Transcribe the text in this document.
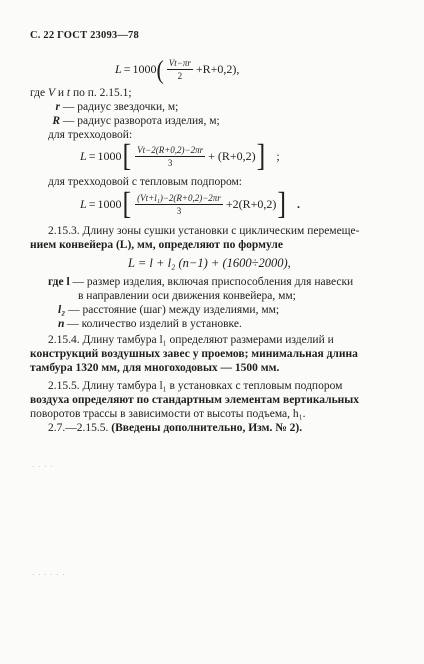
С. 22 ГОСТ 23093—78
L = 1000 ( $\frac{Vt-\pi r}{2} +R+0,2$),
где V и t по п. 2.15.1;
r — радиус звездочки, м;
R — радиус разворота изделия, м;
для трехходовой:
L = 1000 [ $\frac{Vt-2(R+0,2)-2\pi r}{3} + (R+0,2)$ ] ;
для трехходовой с тепловым подпором:
L = 1000 [ $\frac{\text{(Vt+l₁)−2(R+0,2)−2πr}}{3} +2(R+0,2)$ ] .
2.15.3. Длину зоны сушки установки с циклическим перемеще-
нием конвейера (L), мм, определяют по формуле
L = l + l₂ (n−1) + (1600÷2000),
где l — размер изделия, включая приспособления для навески
в направлении оси движения конвейера, мм;
l₂ — расстояние (шаг) между изделиями, мм;
n — количество изделий в установке.
2.15.4. Длину тамбура l₁ определяют размерами изделий и
конструкций воздушных завес у проемов; минимальная длина
тамбура 1320 мм, для многоходовых — 1500 мм.
2.15.5. Длину тамбура l₁ в установках с тепловым подпором
воздуха определяют по стандартным элементам вертикальных
поворотов трассы в зависимости от высоты подъема, h₁.
2.7.—2.15.5. (Введены дополнительно, Изм. № 2).
· · · ·
· · · · · ·
